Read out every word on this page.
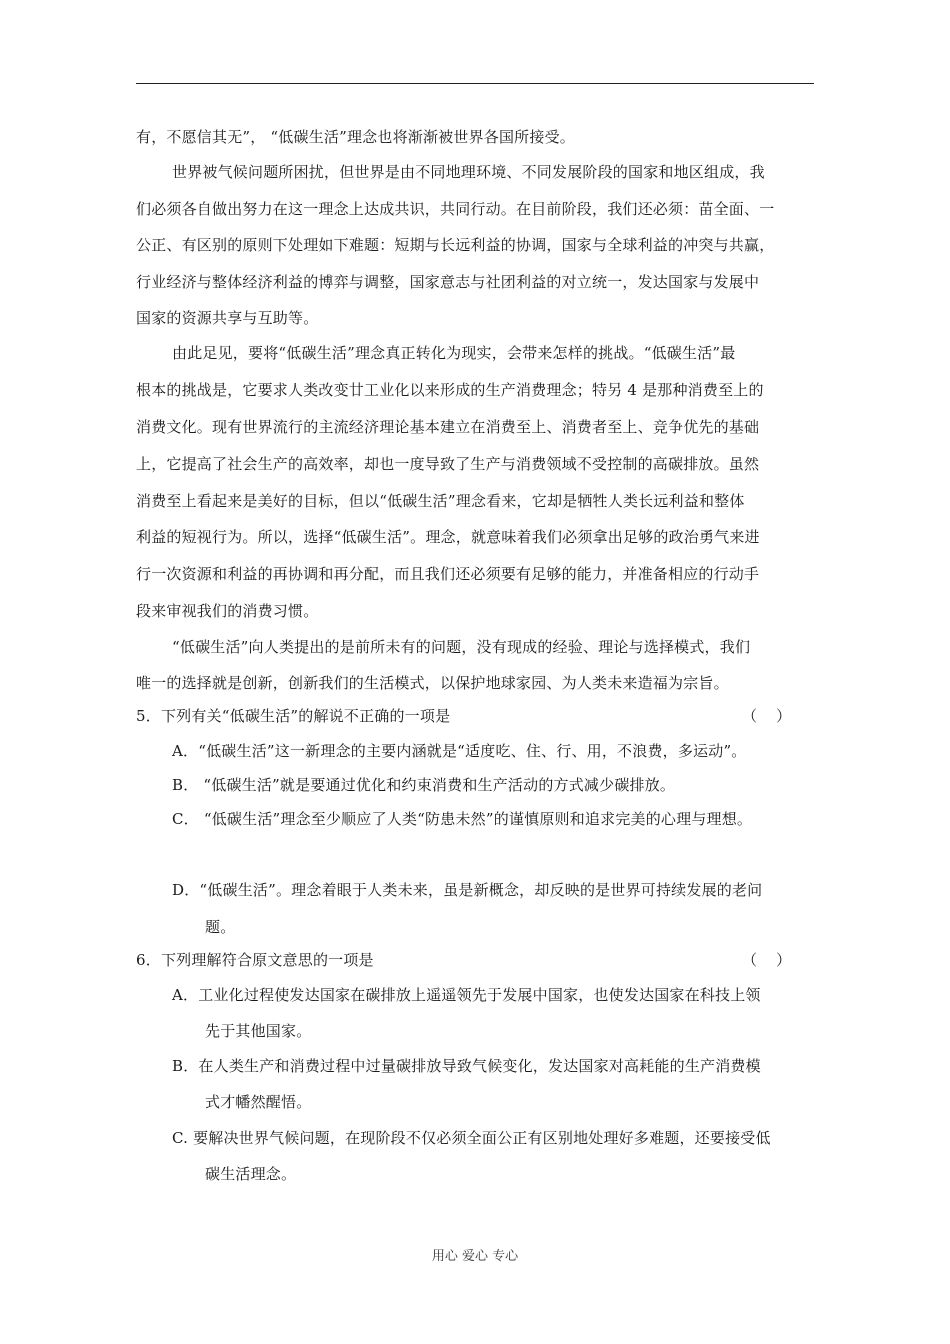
有，不愿信其无”， “低碳生活”理念也将渐渐被世界各国所接受。
世界被气候问题所困扰，但世界是由不同地理环境、不同发展阶段的国家和地区组成，我
们必须各自做出努力在这一理念上达成共识，共同行动。在目前阶段，我们还必须：苗全面、一
公正、有区别的原则下处理如下难题：短期与长远利益的协调，国家与全球利益的冲突与共赢，
行业经济与整体经济利益的博弈与调整，国家意志与社团利益的对立统一，发达国家与发展中
国家的资源共享与互助等。
由此足见，要将“低碳生活”理念真正转化为现实，会带来怎样的挑战。“低碳生活”最
根本的挑战是，它要求人类改变廿工业化以来形成的生产消费理念；特另 4 是那种消费至上的
消费文化。现有世界流行的主流经济理论基本建立在消费至上、消费者至上、竞争优先的基础
上，它提高了社会生产的高效率，却也一度导致了生产与消费领域不受控制的高碳排放。虽然
消费至上看起来是美好的目标，但以“低碳生活”理念看来，它却是牺牲人类长远利益和整体
利益的短视行为。所以，选择“低碳生活”。理念，就意味着我们必须拿出足够的政治勇气来进
行一次资源和利益的再协调和再分配，而且我们还必须要有足够的能力，并准备相应的行动手
段来审视我们的消费习惯。
“低碳生活”向人类提出的是前所未有的问题，没有现成的经验、理论与选择模式，我们
唯一的选择就是创新，创新我们的生活模式，以保护地球家园、为人类未来造福为宗旨。
5．下列有关“低碳生活”的解说不正确的一项是
A．“低碳生活”这一新理念的主要内涵就是“适度吃、住、行、用，不浪费，多运动”。
B． “低碳生活”就是要通过优化和约束消费和生产活动的方式减少碳排放。
C． “低碳生活”理念至少顺应了人类“防患未然”的谨慎原则和追求完美的心理与理想。
D．“低碳生活”。理念着眼于人类未来，虽是新概念，却反映的是世界可持续发展的老问
题。
6．下列理解符合原文意思的一项是
A．工业化过程使发达国家在碳排放上遥遥领先于发展中国家，也使发达国家在科技上领
先于其他国家。
B．在人类生产和消费过程中过量碳排放导致气候变化，发达国家对高耗能的生产消费模
式才幡然醒悟。
C. 要解决世界气候问题，在现阶段不仅必须全面公正有区别地处理好多难题，还要接受低
碳生活理念。
（    ）
（    ）
用心 爱心 专心
